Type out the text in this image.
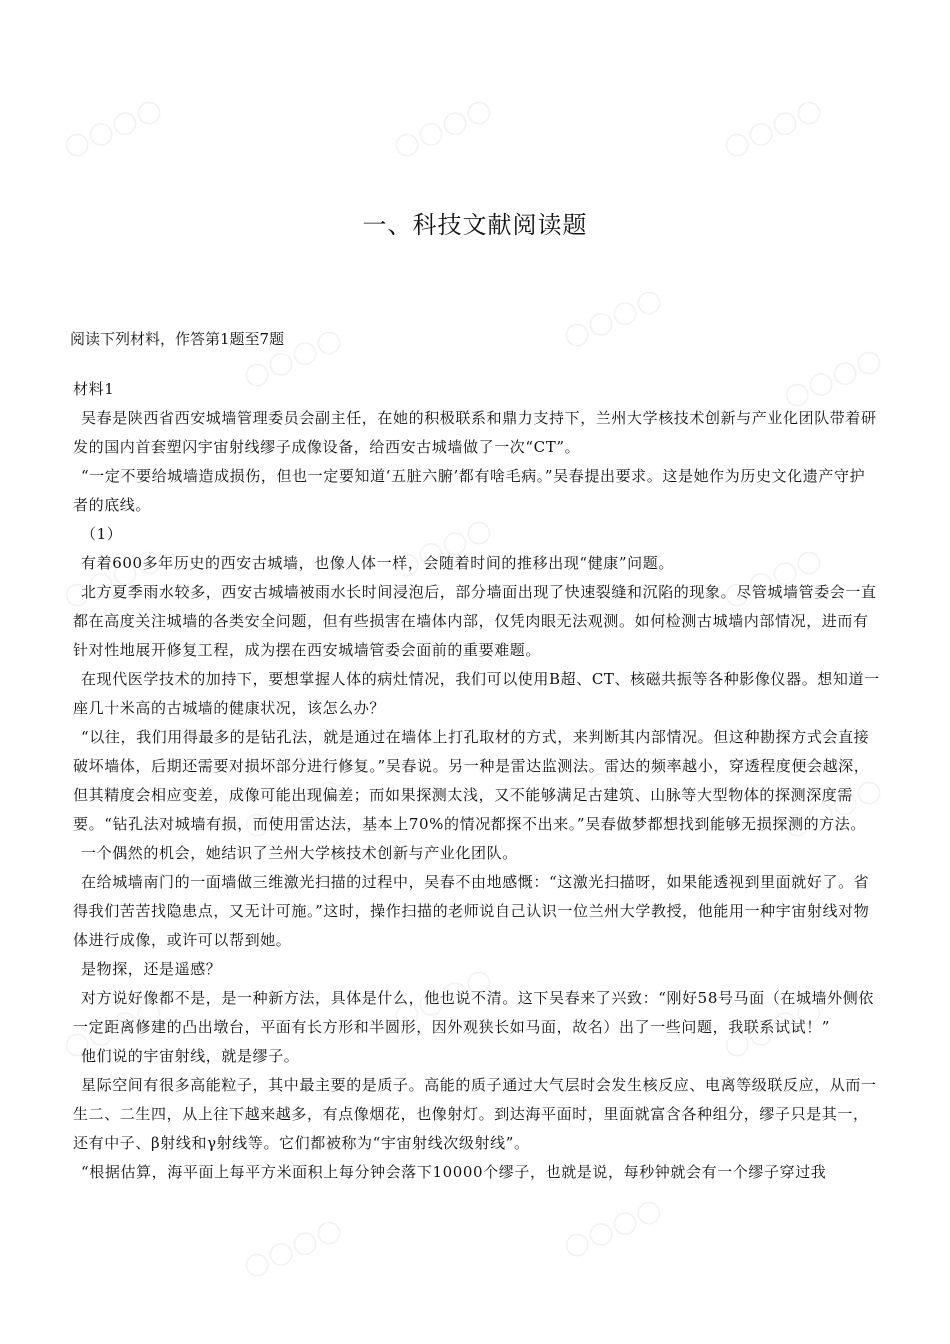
一、科技文献阅读题
阅读下列材料，作答第1题至7题

材料1

吴春是陕西省西安城墙管理委员会副主任，在她的积极联系和鼎力支持下，兰州大学核技术创新与产业化团队带着研发的国内首套塑闪宇宙射线缪子成像设备，给西安古城墙做了一次“CT”。

“一定不要给城墙造成损伤，但也一定要知道‘五脏六腑’都有啥毛病。”吴春提出要求。这是她作为历史文化遗产守护者的底线。

（1）

有着600多年历史的西安古城墙，也像人体一样，会随着时间的推移出现“健康”问题。

北方夏季雨水较多，西安古城墙被雨水长时间浸泡后，部分墙面出现了快速裂缝和沉陷的现象。尽管城墙管委会一直都在高度关注城墙的各类安全问题，但有些损害在墙体内部，仅凭肉眼无法观测。如何检测古城墙内部情况，进而有针对性地展开修复工程，成为摆在西安城墙管委会面前的重要难题。

在现代医学技术的加持下，要想掌握人体的病灶情况，我们可以使用B超、CT、核磁共振等各种影像仪器。想知道一座几十米高的古城墙的健康状况，该怎么办？

“以往，我们用得最多的是钻孔法，就是通过在墙体上打孔取材的方式，来判断其内部情况。但这种勘探方式会直接破坏墙体，后期还需要对损坏部分进行修复。”吴春说。另一种是雷达监测法。雷达的频率越小，穿透程度便会越深，但其精度会相应变差，成像可能出现偏差；而如果探测太浅，又不能够满足古建筑、山脉等大型物体的探测深度需要。“钻孔法对城墙有损，而使用雷达法，基本上70%的情况都探不出来。”吴春做梦都想找到能够无损探测的方法。

一个偶然的机会，她结识了兰州大学核技术创新与产业化团队。

在给城墙南门的一面墙做三维激光扫描的过程中，吴春不由地感慨：“这激光扫描呀，如果能透视到里面就好了。省得我们苦苦找隐患点，又无计可施。”这时，操作扫描的老师说自己认识一位兰州大学教授，他能用一种宇宙射线对物体进行成像，或许可以帮到她。

是物探，还是遥感？

对方说好像都不是，是一种新方法，具体是什么，他也说不清。这下吴春来了兴致：“刚好58号马面（在城墙外侧依一定距离修建的凸出墩台，平面有长方形和半圆形，因外观狭长如马面，故名）出了一些问题，我联系试试！”

他们说的宇宙射线，就是缪子。

星际空间有很多高能粒子，其中最主要的是质子。高能的质子通过大气层时会发生核反应、电离等级联反应，从而一生二、二生四，从上往下越来越多，有点像烟花，也像射灯。到达海平面时，里面就富含各种组分，缪子只是其一，还有中子、β射线和γ射线等。它们都被称为“宇宙射线次级射线”。

“根据估算，海平面上每平方米面积上每分钟会落下10000个缪子，也就是说，每秒钟就会有一个缪子穿过我
